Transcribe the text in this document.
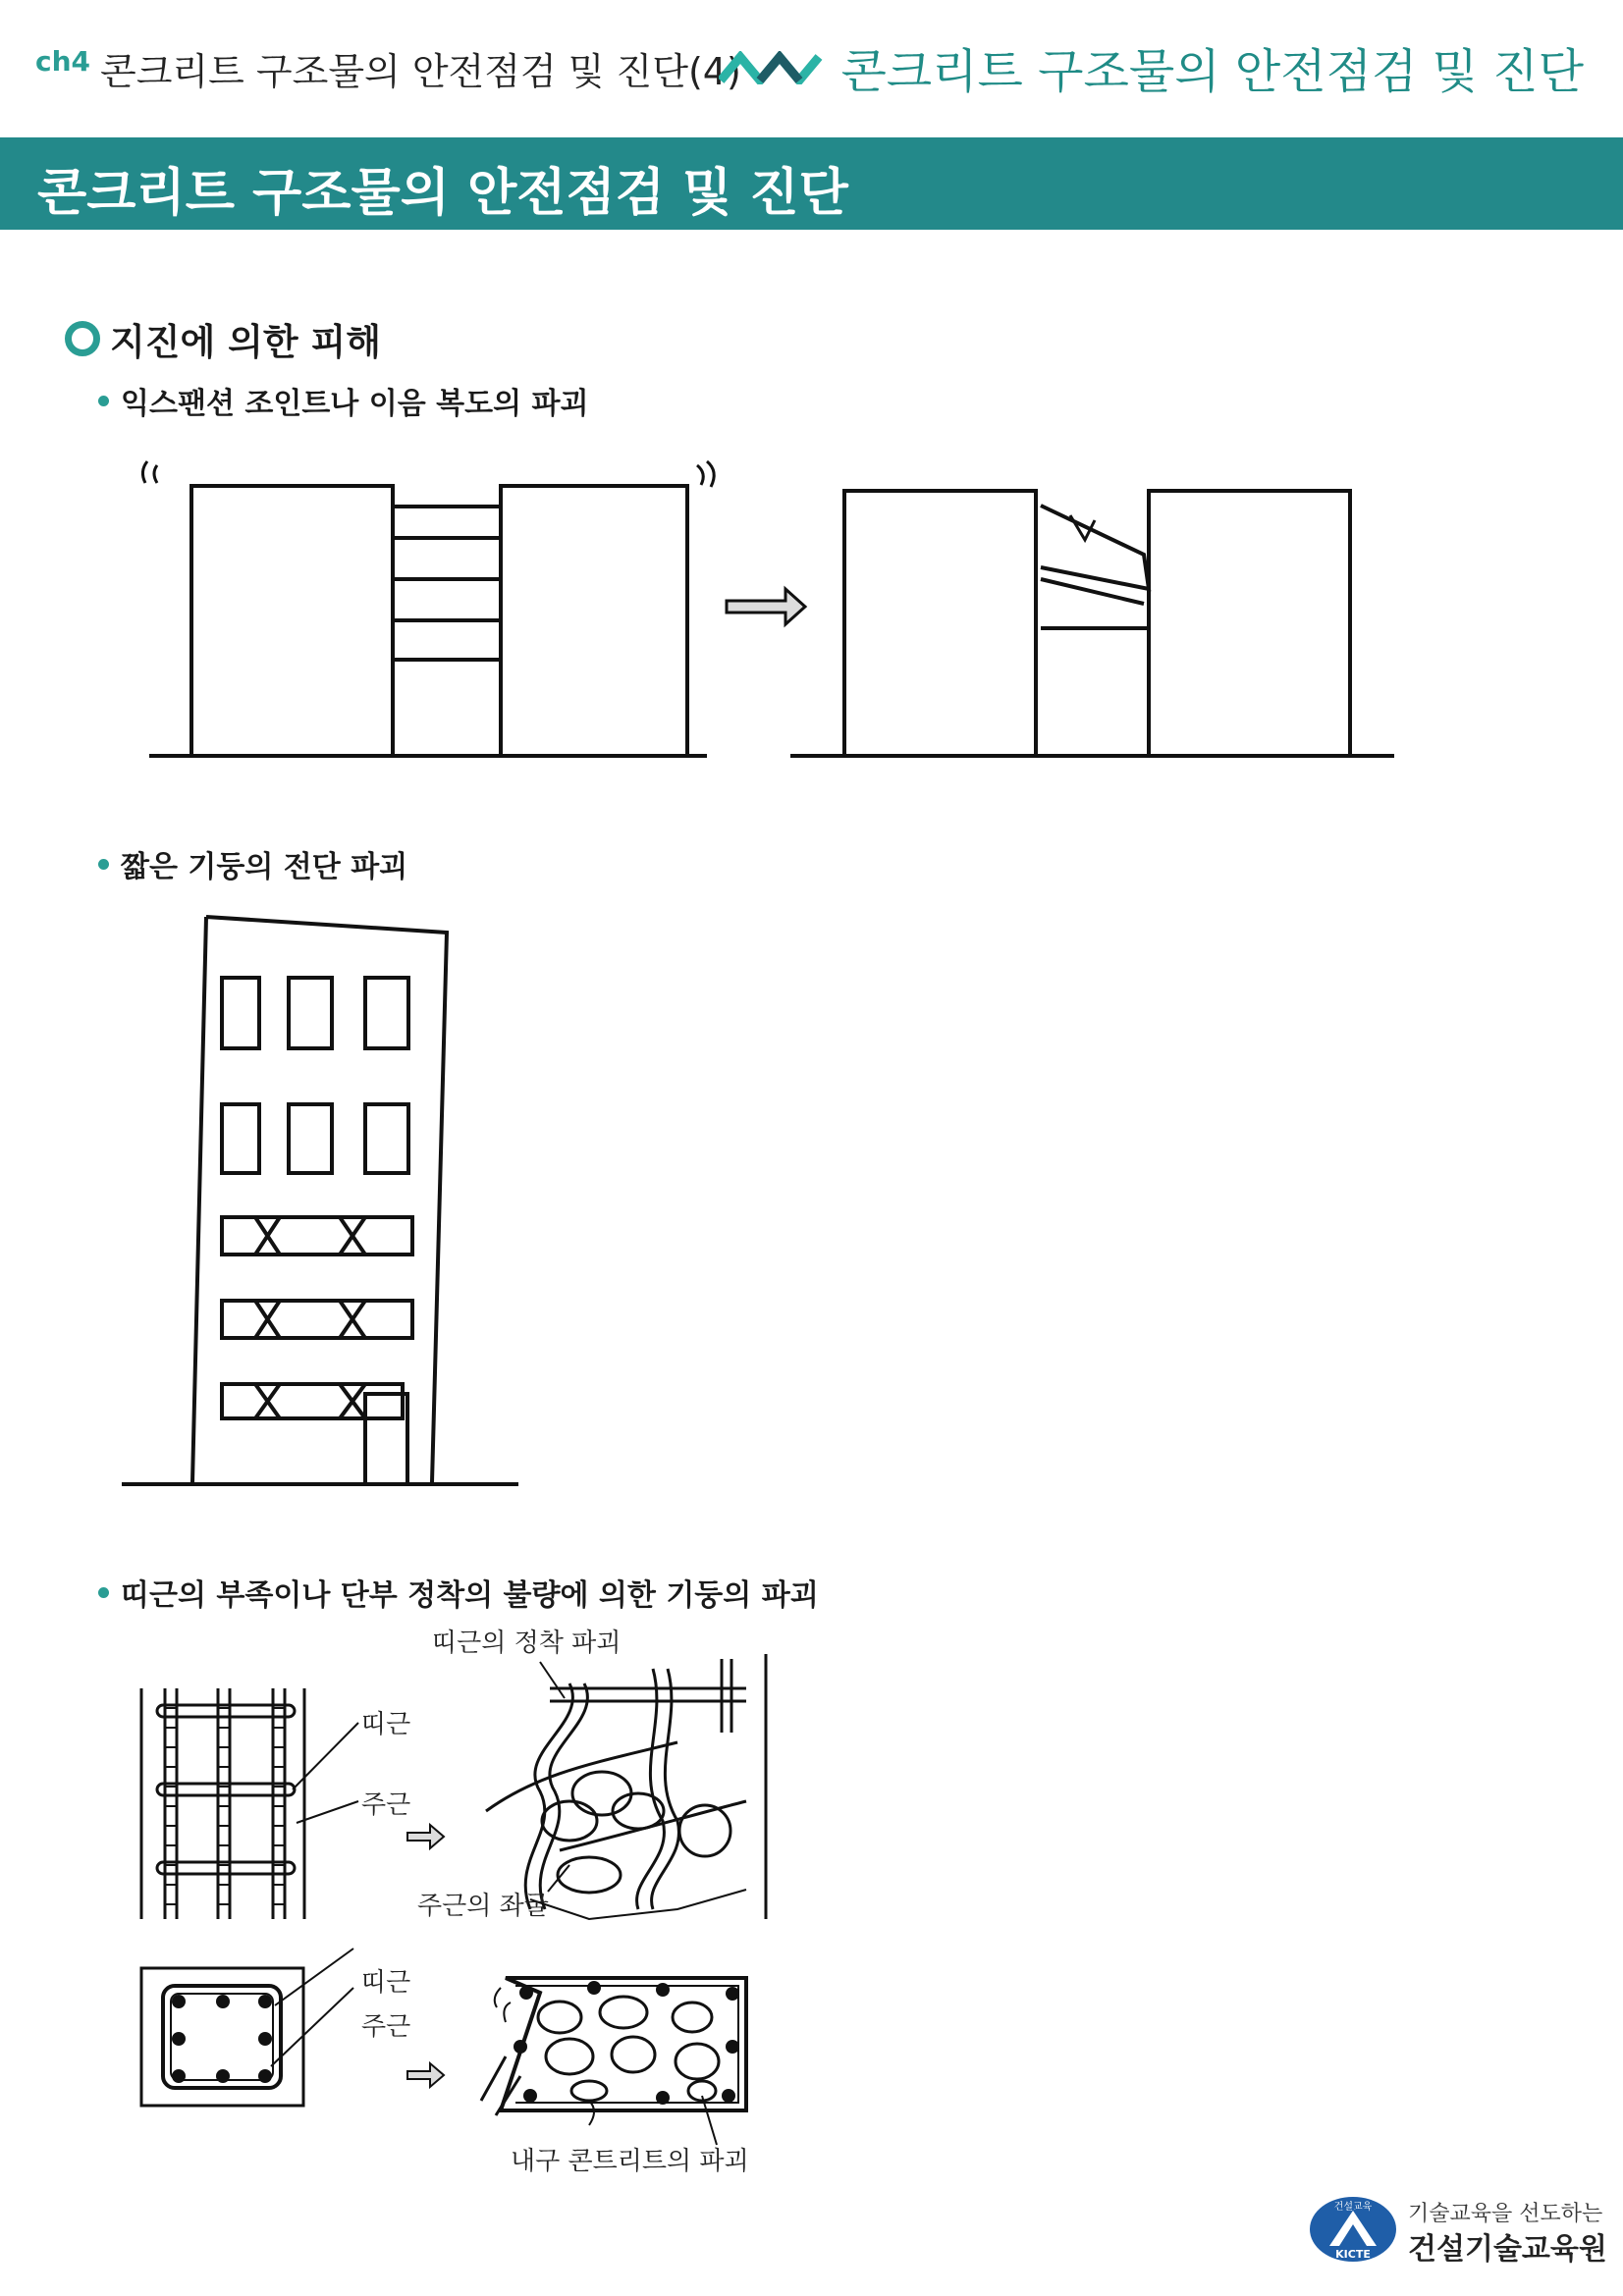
$^{ch4}$ 콘크리트 구조물의 안전점검 및 진단(4) 콘크리트 구조물의 안전점검 및 진단
콘크리트 구조물의 안전점검 및 진단
지진에 의한 피해
익스팬션 조인트나 이음 복도의 파괴
짧은 기둥의 전단 파괴
띠근의 부족이나 단부 정착의 불량에 의한 기둥의 파괴
띠근
주근
띠근의 정착 파괴
주근의 좌굴
띠근
주근
내구 콘트리트의 파괴
건설교육
KICTE
기술교육을 선도하는
건설기술교육원
